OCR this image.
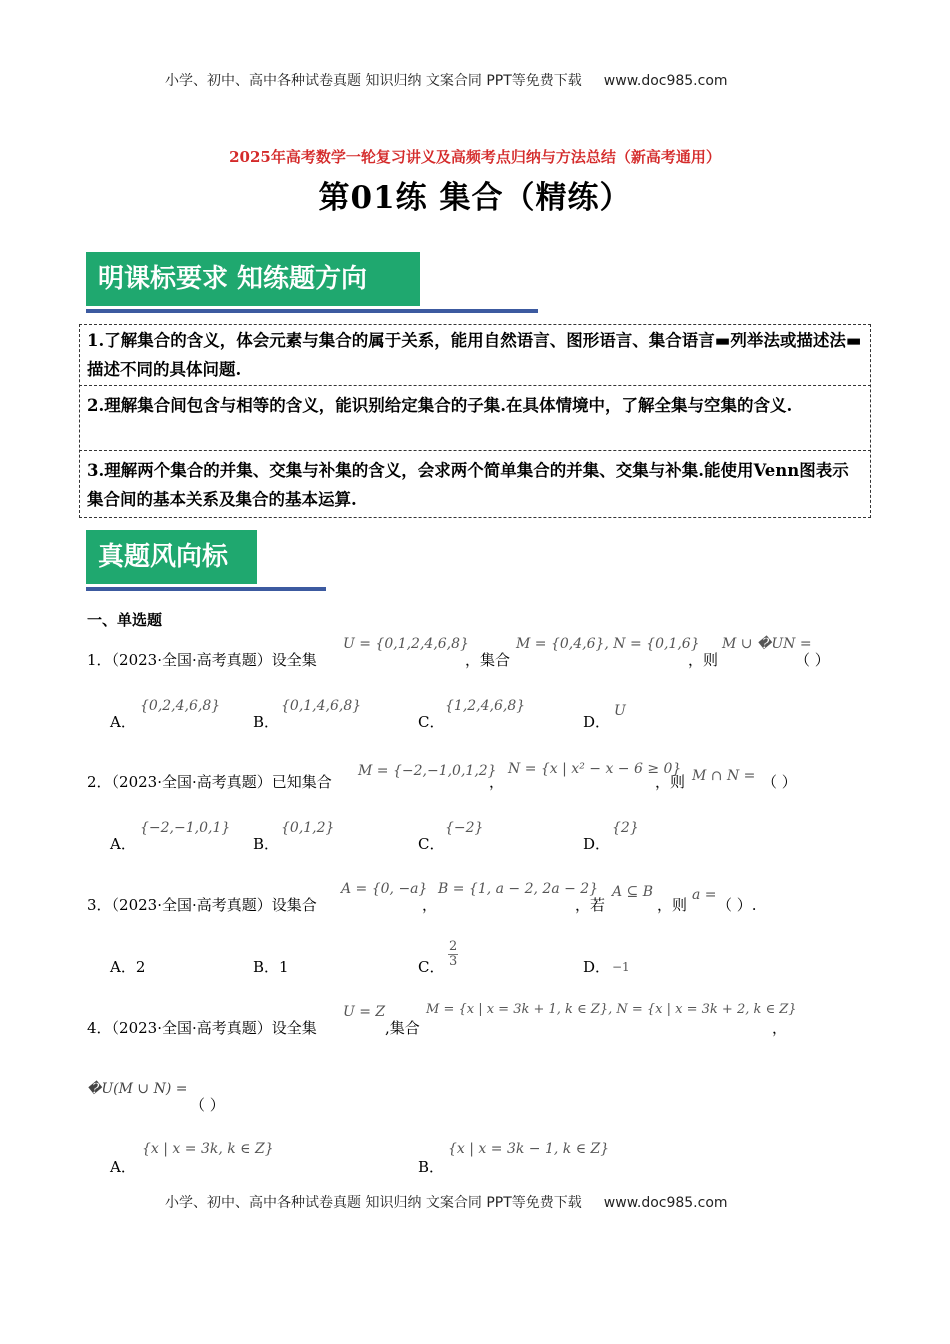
小学、初中、高中各种试卷真题 知识归纳 文案合同 PPT等免费下载 www.doc985.com
2025年高考数学一轮复习讲义及高频考点归纳与方法总结（新高考通用）
第01练 集合（精练）
明课标要求 知练题方向
1.了解集合的含义，体会元素与集合的属于关系，能用自然语言、图形语言、集合语言▬列举法或描述法▬描述不同的具体问题.
2.理解集合间包含与相等的含义，能识别给定集合的子集.在具体情境中，了解全集与空集的含义.
3.理解两个集合的并集、交集与补集的含义，会求两个简单集合的并集、交集与补集.能使用Venn图表示集合间的基本关系及集合的基本运算.
真题风向标
一、单选题
1．（2023·全国·高考真题）设全集
U = {0,1,2,4,6,8}
，集合
M = {0,4,6}, N = {0,1,6}
，则
M ∪ �UN =
（ ）
A．
{0,2,4,6,8}
B．
{0,1,4,6,8}
C．
{1,2,4,6,8}
D．
U
2．（2023·全国·高考真题）已知集合
M = {−2,−1,0,1,2}
，
N = {x | x² − x − 6 ≥ 0}
，则 M ∩ N = （ ）
A．
{−2,−1,0,1}
B．
{0,1,2}
C．
{−2}
D．
{2}
3．（2023·全国·高考真题）设集合
A = {0, −a}
，
B = {1, a − 2, 2a − 2}
，若
A ⊆ B
，则
a =
（ ）.
A．2	B．1	C． $\frac{2}{3}$	D． −1
4．（2023·全国·高考真题）设全集
U = Z
,集合
M = {x | x = 3k + 1, k ∈ Z}, N = {x | x = 3k + 2, k ∈ Z}
，
�U(M ∪ N) =
（ ）
A．
{x | x = 3k, k ∈ Z}
B．
{x | x = 3k − 1, k ∈ Z}
小学、初中、高中各种试卷真题 知识归纳 文案合同 PPT等免费下载 www.doc985.com
